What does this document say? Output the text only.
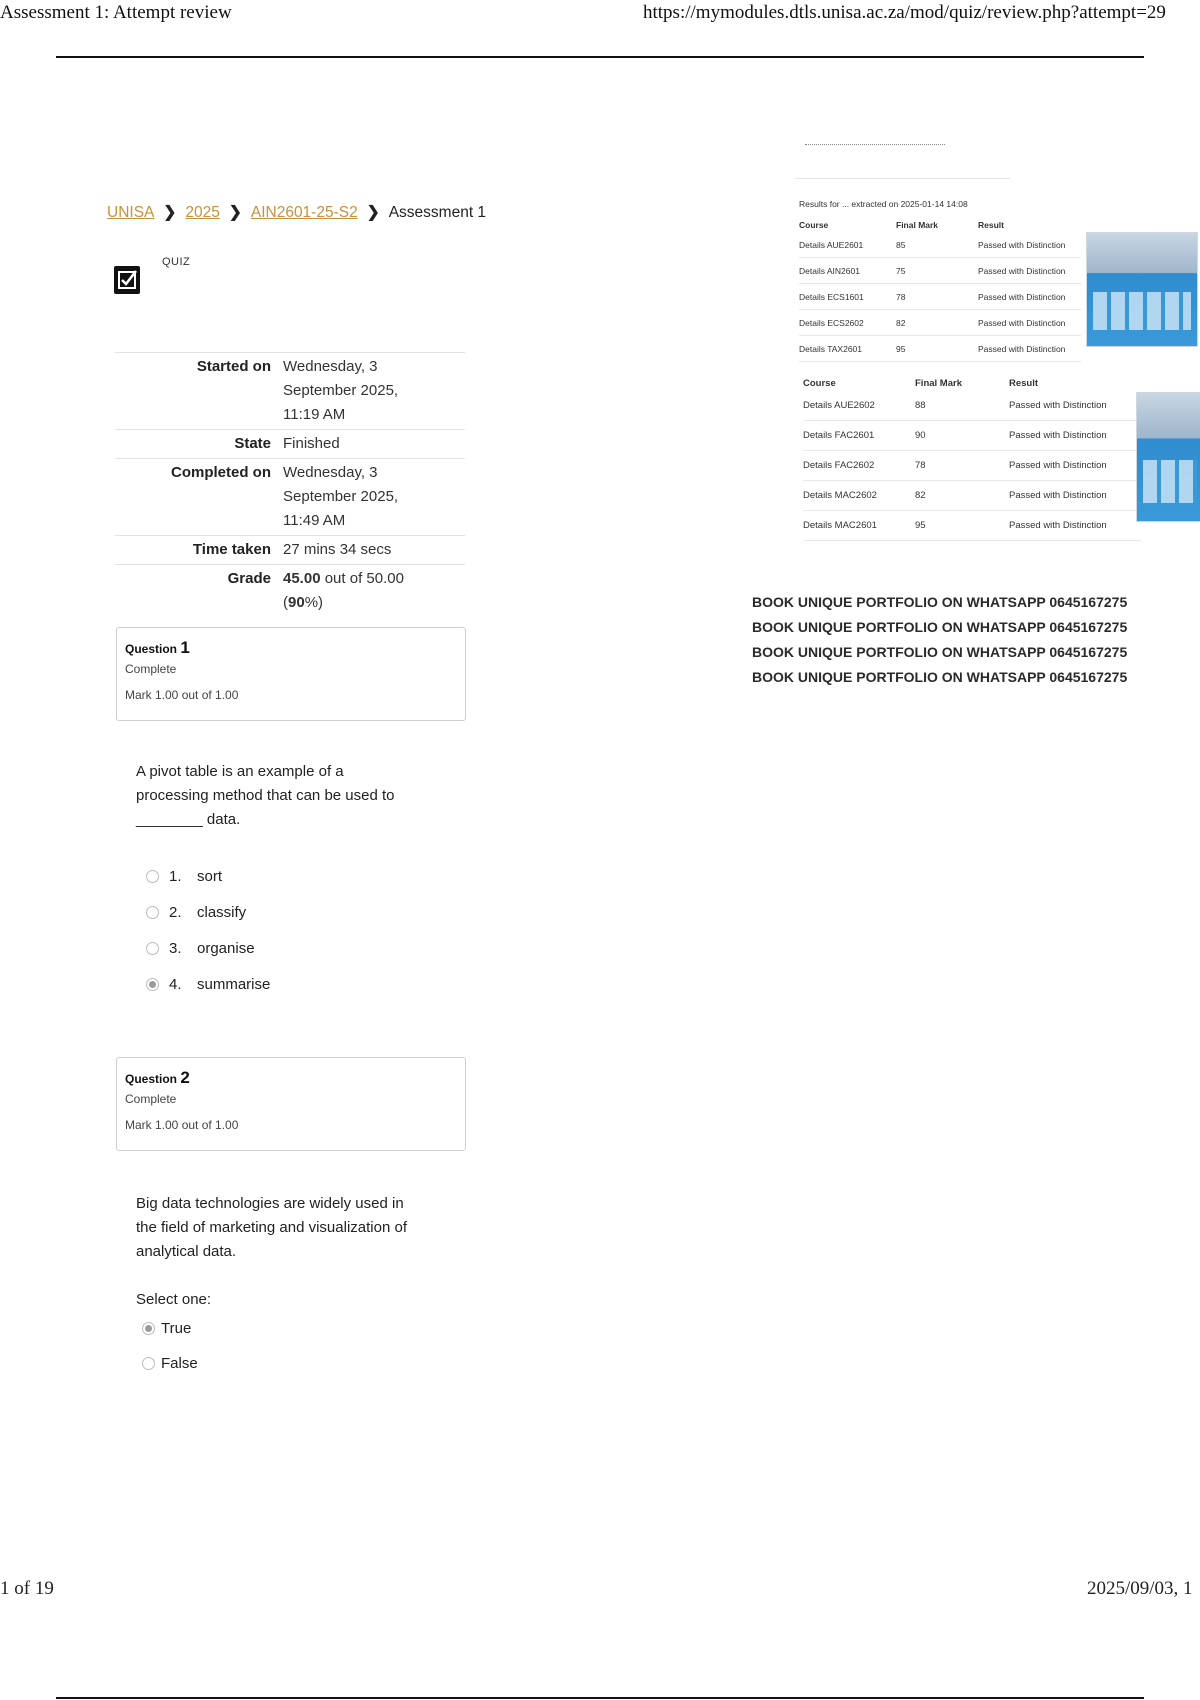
Assessment 1: Attempt review	https://mymodules.dtls.unisa.ac.za/mod/quiz/review.php?attempt=29
UNISA ❯ 2025 ❯ AIN2601-25-S2 ❯ Assessment 1
QUIZ
Started on	Wednesday, 3
September 2025,
11:19 AM

State	Finished
Completed on	Wednesday, 3
September 2025,
11:49 AM

Time taken	27 mins 34 secs
Grade	45.00 out of 50.00
(90%)
Question 1
Complete
Mark 1.00 out of 1.00
A pivot table is an example of a
processing method that can be used to
________ data.
1.	sort
2.	classify
3.	organise
4.	summarise
Question 2
Complete
Mark 1.00 out of 1.00
Big data technologies are widely used in
the field of marketing and visualization of
analytical data.
Select one:
True
False
Results for ... extracted on 2025-01-14 14:08
Course	Final Mark	Result
Details AUE2601	85	Passed with Distinction
Details AIN2601	75	Passed with Distinction
Details ECS1601	78	Passed with Distinction
Details ECS2602	82	Passed with Distinction
Details TAX2601	95	Passed with Distinction
Course	Final Mark	Result
Details AUE2602	88	Passed with Distinction
Details FAC2601	90	Passed with Distinction
Details FAC2602	78	Passed with Distinction
Details MAC2602	82	Passed with Distinction
Details MAC2601	95	Passed with Distinction
BOOK UNIQUE PORTFOLIO ON WHATSAPP 0645167275
BOOK UNIQUE PORTFOLIO ON WHATSAPP 0645167275
BOOK UNIQUE PORTFOLIO ON WHATSAPP 0645167275
BOOK UNIQUE PORTFOLIO ON WHATSAPP 0645167275
1 of 19	2025/09/03, 1
